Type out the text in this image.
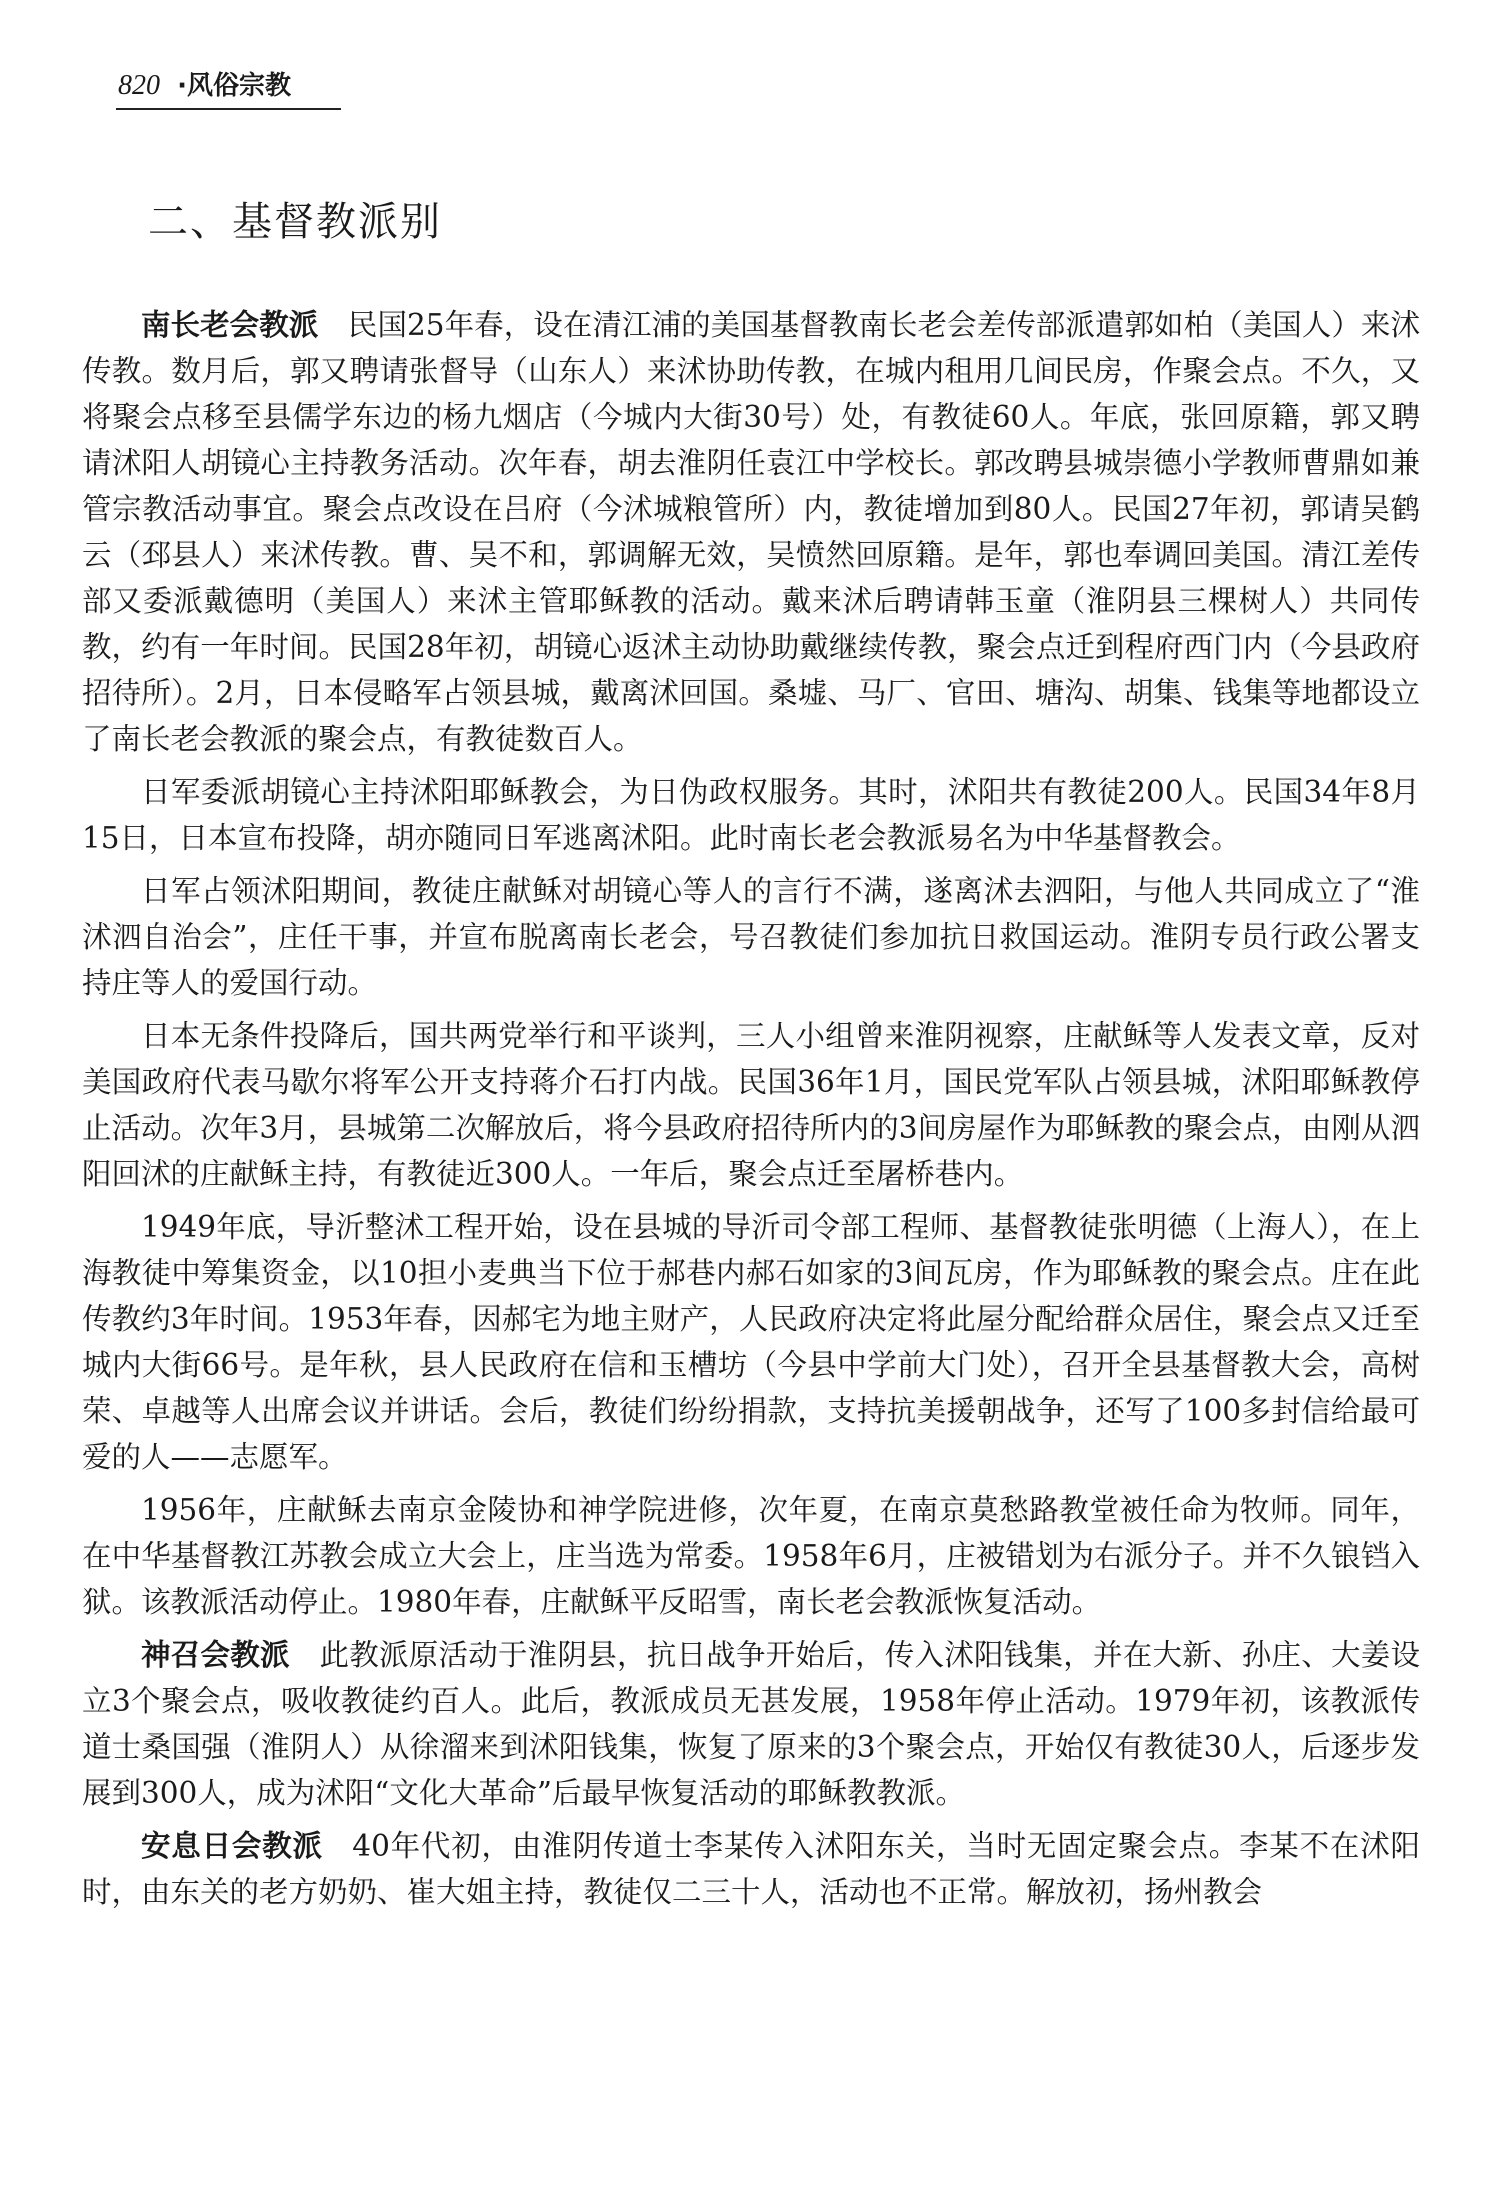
820 ·风俗宗教
二、基督教派别

南长老会教派 民国25年春，设在清江浦的美国基督教南长老会差传部派遣郭如柏（美国人）来沭传教。数月后，郭又聘请张督导（山东人）来沭协助传教，在城内租用几间民房，作聚会点。不久，又将聚会点移至县儒学东边的杨九烟店（今城内大街30号）处，有教徒60人。年底，张回原籍，郭又聘请沭阳人胡镜心主持教务活动。次年春，胡去淮阴任袁江中学校长。郭改聘县城崇德小学教师曹鼎如兼管宗教活动事宜。聚会点改设在吕府（今沭城粮管所）内，教徒增加到80人。民国27年初，郭请吴鹤云（邳县人）来沭传教。曹、吴不和，郭调解无效，吴愤然回原籍。是年，郭也奉调回美国。清江差传部又委派戴德明（美国人）来沭主管耶稣教的活动。戴来沭后聘请韩玉童（淮阴县三棵树人）共同传教，约有一年时间。民国28年初，胡镜心返沭主动协助戴继续传教，聚会点迁到程府西门内（今县政府招待所）。2月，日本侵略军占领县城，戴离沭回国。桑墟、马厂、官田、塘沟、胡集、钱集等地都设立了南长老会教派的聚会点，有教徒数百人。

日军委派胡镜心主持沭阳耶稣教会，为日伪政权服务。其时，沭阳共有教徒200人。民国34年8月15日，日本宣布投降，胡亦随同日军逃离沭阳。此时南长老会教派易名为中华基督教会。

日军占领沭阳期间，教徒庄献稣对胡镜心等人的言行不满，遂离沭去泗阳，与他人共同成立了“淮沭泗自治会”，庄任干事，并宣布脱离南长老会，号召教徒们参加抗日救国运动。淮阴专员行政公署支持庄等人的爱国行动。

日本无条件投降后，国共两党举行和平谈判，三人小组曾来淮阴视察，庄献稣等人发表文章，反对美国政府代表马歇尔将军公开支持蒋介石打内战。民国36年1月，国民党军队占领县城，沭阳耶稣教停止活动。次年3月，县城第二次解放后，将今县政府招待所内的3间房屋作为耶稣教的聚会点，由刚从泗阳回沭的庄献稣主持，有教徒近300人。一年后，聚会点迁至屠桥巷内。

1949年底，导沂整沭工程开始，设在县城的导沂司令部工程师、基督教徒张明德（上海人），在上海教徒中筹集资金，以10担小麦典当下位于郝巷内郝石如家的3间瓦房，作为耶稣教的聚会点。庄在此传教约3年时间。1953年春，因郝宅为地主财产，人民政府决定将此屋分配给群众居住，聚会点又迁至城内大街66号。是年秋，县人民政府在信和玉槽坊（今县中学前大门处），召开全县基督教大会，高树荣、卓越等人出席会议并讲话。会后，教徒们纷纷捐款，支持抗美援朝战争，还写了100多封信给最可爱的人——志愿军。

1956年，庄献稣去南京金陵协和神学院进修，次年夏，在南京莫愁路教堂被任命为牧师。同年，在中华基督教江苏教会成立大会上，庄当选为常委。1958年6月，庄被错划为右派分子。并不久锒铛入狱。该教派活动停止。1980年春，庄献稣平反昭雪，南长老会教派恢复活动。

神召会教派 此教派原活动于淮阴县，抗日战争开始后，传入沭阳钱集，并在大新、孙庄、大姜设立3个聚会点，吸收教徒约百人。此后，教派成员无甚发展，1958年停止活动。1979年初，该教派传道士桑国强（淮阴人）从徐溜来到沭阳钱集，恢复了原来的3个聚会点，开始仅有教徒30人，后逐步发展到300人，成为沭阳“文化大革命”后最早恢复活动的耶稣教教派。

安息日会教派 40年代初，由淮阴传道士李某传入沭阳东关，当时无固定聚会点。李某不在沭阳时，由东关的老方奶奶、崔大姐主持，教徒仅二三十人，活动也不正常。解放初，扬州教会
